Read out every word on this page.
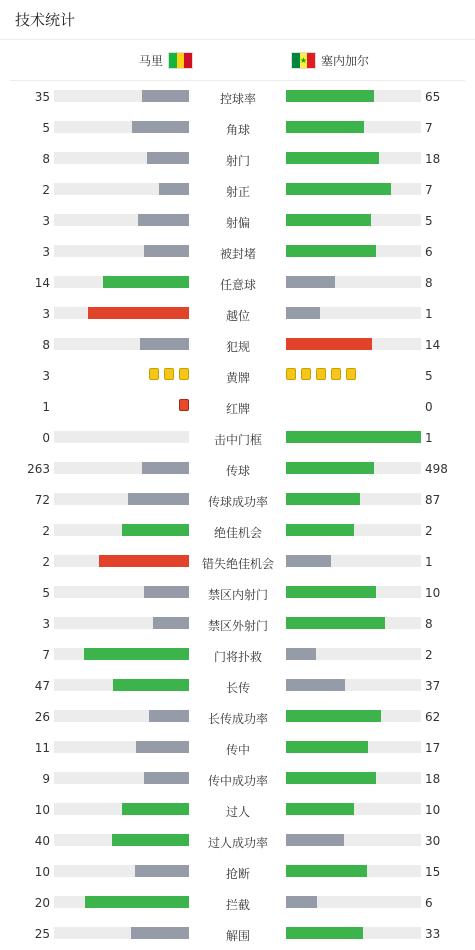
技术统计
马里	★ 塞内加尔
35	控球率	65
5	角球	7
8	射门	18
2	射正	7
3	射偏	5
3	被封堵	6
14	任意球	8
3	越位	1
8	犯规	14
3	黄牌	5
1	红牌	0
0	击中门框	1
263	传球	498
72	传球成功率	87
2	绝佳机会	2
2	错失绝佳机会	1
5	禁区内射门	10
3	禁区外射门	8
7	门将扑救	2
47	长传	37
26	长传成功率	62
11	传中	17
9	传中成功率	18
10	过人	10
40	过人成功率	30
10	抢断	15
20	拦截	6
25	解围	33
